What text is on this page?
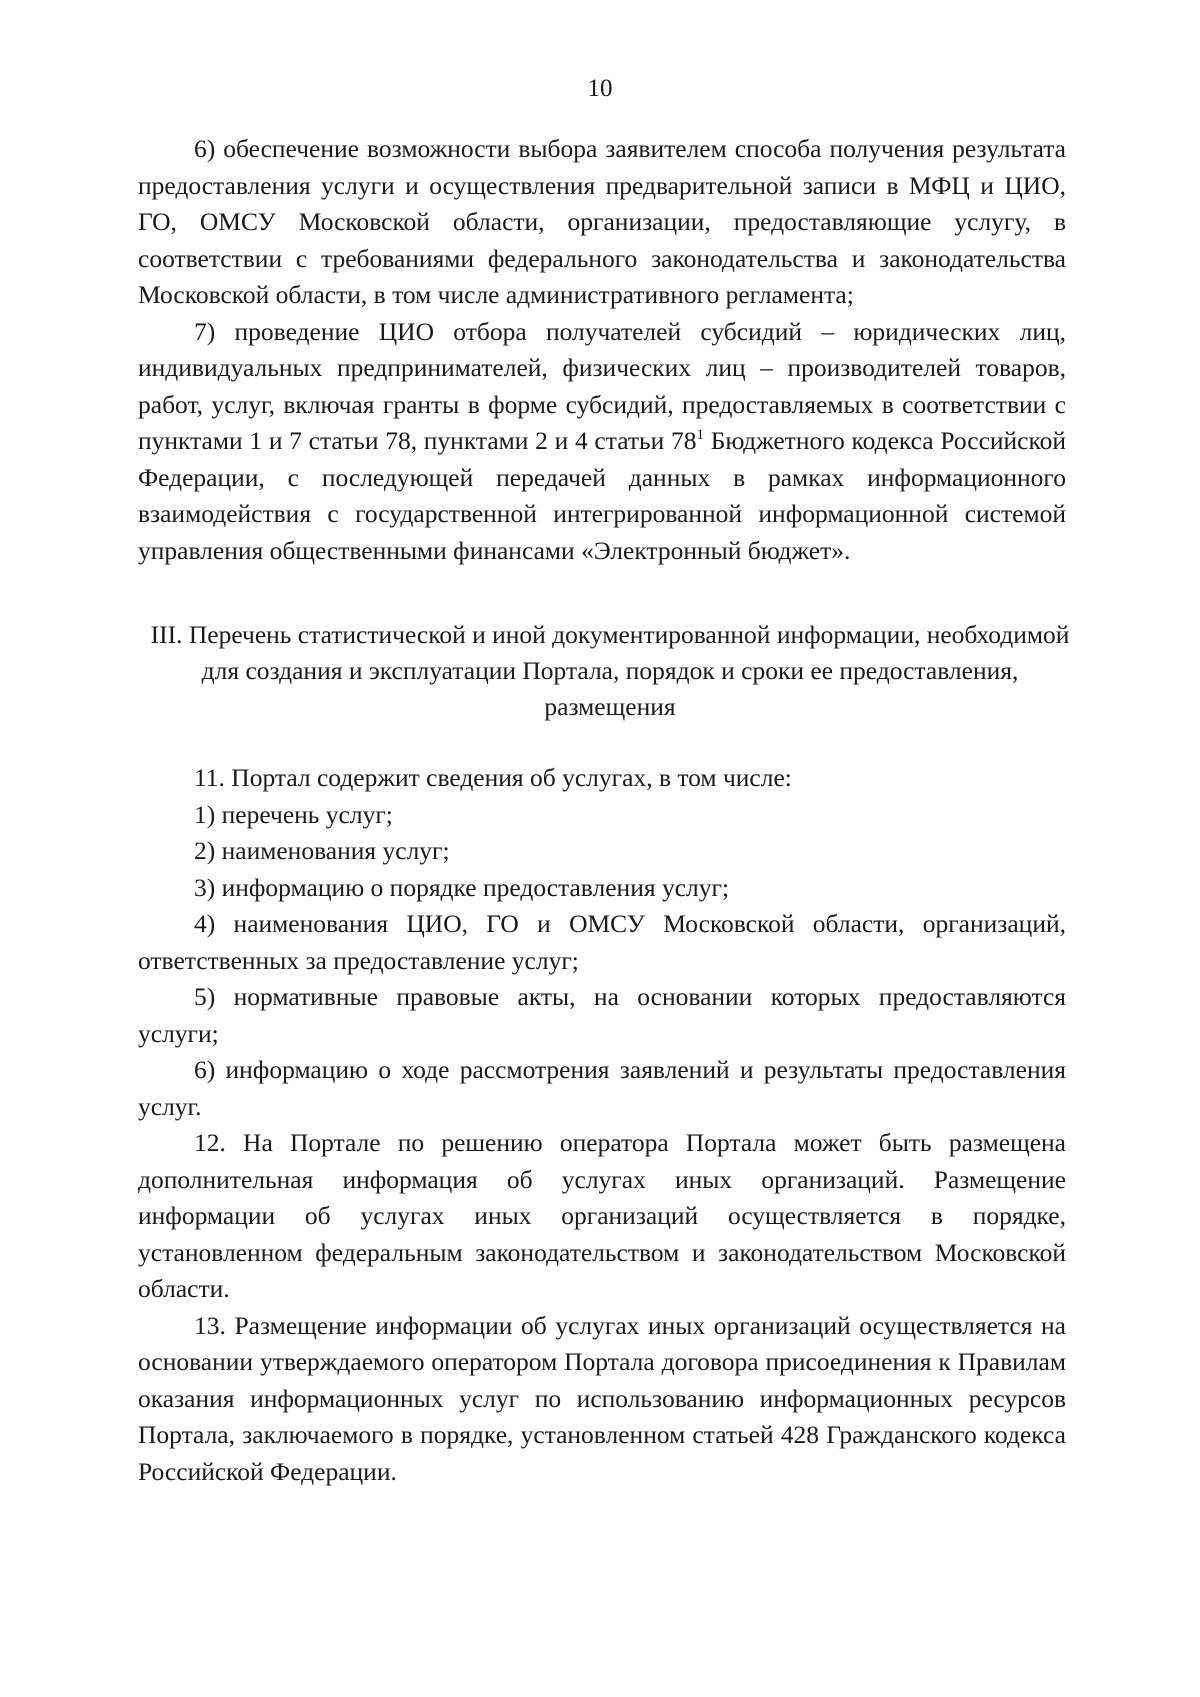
10

6) обеспечение возможности выбора заявителем способа получения результата предоставления услуги и осуществления предварительной записи в МФЦ и ЦИО, ГО, ОМСУ Московской области, организации, предоставляющие услугу, в соответствии с требованиями федерального законодательства и законодательства Московской области, в том числе административного регламента;

7) проведение ЦИО отбора получателей субсидий – юридических лиц, индивидуальных предпринимателей, физических лиц – производителей товаров, работ, услуг, включая гранты в форме субсидий, предоставляемых в соответствии с пунктами 1 и 7 статьи 78, пунктами 2 и 4 статьи $78^1$ Бюджетного кодекса Российской Федерации, с последующей передачей данных в рамках информационного взаимодействия с государственной интегрированной информационной системой управления общественными финансами «Электронный бюджет».

III. Перечень статистической и иной документированной информации, необходимой для создания и эксплуатации Портала, порядок и сроки ее предоставления, размещения

11. Портал содержит сведения об услугах, в том числе:

1) перечень услуг;

2) наименования услуг;

3) информацию о порядке предоставления услуг;

4) наименования ЦИО, ГО и ОМСУ Московской области, организаций, ответственных за предоставление услуг;

5) нормативные правовые акты, на основании которых предоставляются услуги;

6) информацию о ходе рассмотрения заявлений и результаты предоставления услуг.

12. На Портале по решению оператора Портала может быть размещена дополнительная информация об услугах иных организаций. Размещение информации об услугах иных организаций осуществляется в порядке, установленном федеральным законодательством и законодательством Московской области.

13. Размещение информации об услугах иных организаций осуществляется на основании утверждаемого оператором Портала договора присоединения к Правилам оказания информационных услуг по использованию информационных ресурсов Портала, заключаемого в порядке, установленном статьей 428 Гражданского кодекса Российской Федерации.
